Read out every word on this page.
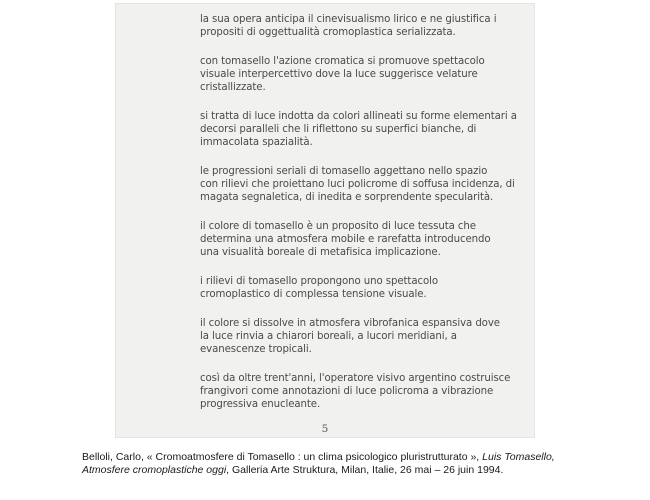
la sua opera anticipa il cinevisualismo lirico e ne giustifica i
propositi di oggettualità cromoplastica serializzata.

con tomasello l'azione cromatica si promuove spettacolo
visuale interpercettivo dove la luce suggerisce velature
cristallizzate.

si tratta di luce indotta da colori allineati su forme elementari a
decorsi paralleli che li riflettono su superfici bianche, di
immacolata spazialità.

le progressioni seriali di tomasello aggettano nello spazio
con rilievi che proiettano luci policrome di soffusa incidenza, di
magata segnaletica, di inedita e sorprendente specularità.

il colore di tomasello è un proposito di luce tessuta che
determina una atmosfera mobile e rarefatta introducendo
una visualità boreale di metafisica implicazione.

i rilievi di tomasello propongono uno spettacolo
cromoplastico di complessa tensione visuale.

il colore si dissolve in atmosfera vibrofanica espansiva dove
la luce rinvia a chiarori boreali, a lucori meridiani, a
evanescenze tropicali.

così da oltre trent'anni, l'operatore visivo argentino costruisce
frangivori come annotazioni di luce policroma a vibrazione
progressiva enucleante.

5
Belloli, Carlo, « Cromoatmosfere di Tomasello : un clima psicologico pluristrutturato », Luis Tomasello,
Atmosfere cromoplastiche oggi, Galleria Arte Struktura, Milan, Italie, 26 mai – 26 juin 1994.
